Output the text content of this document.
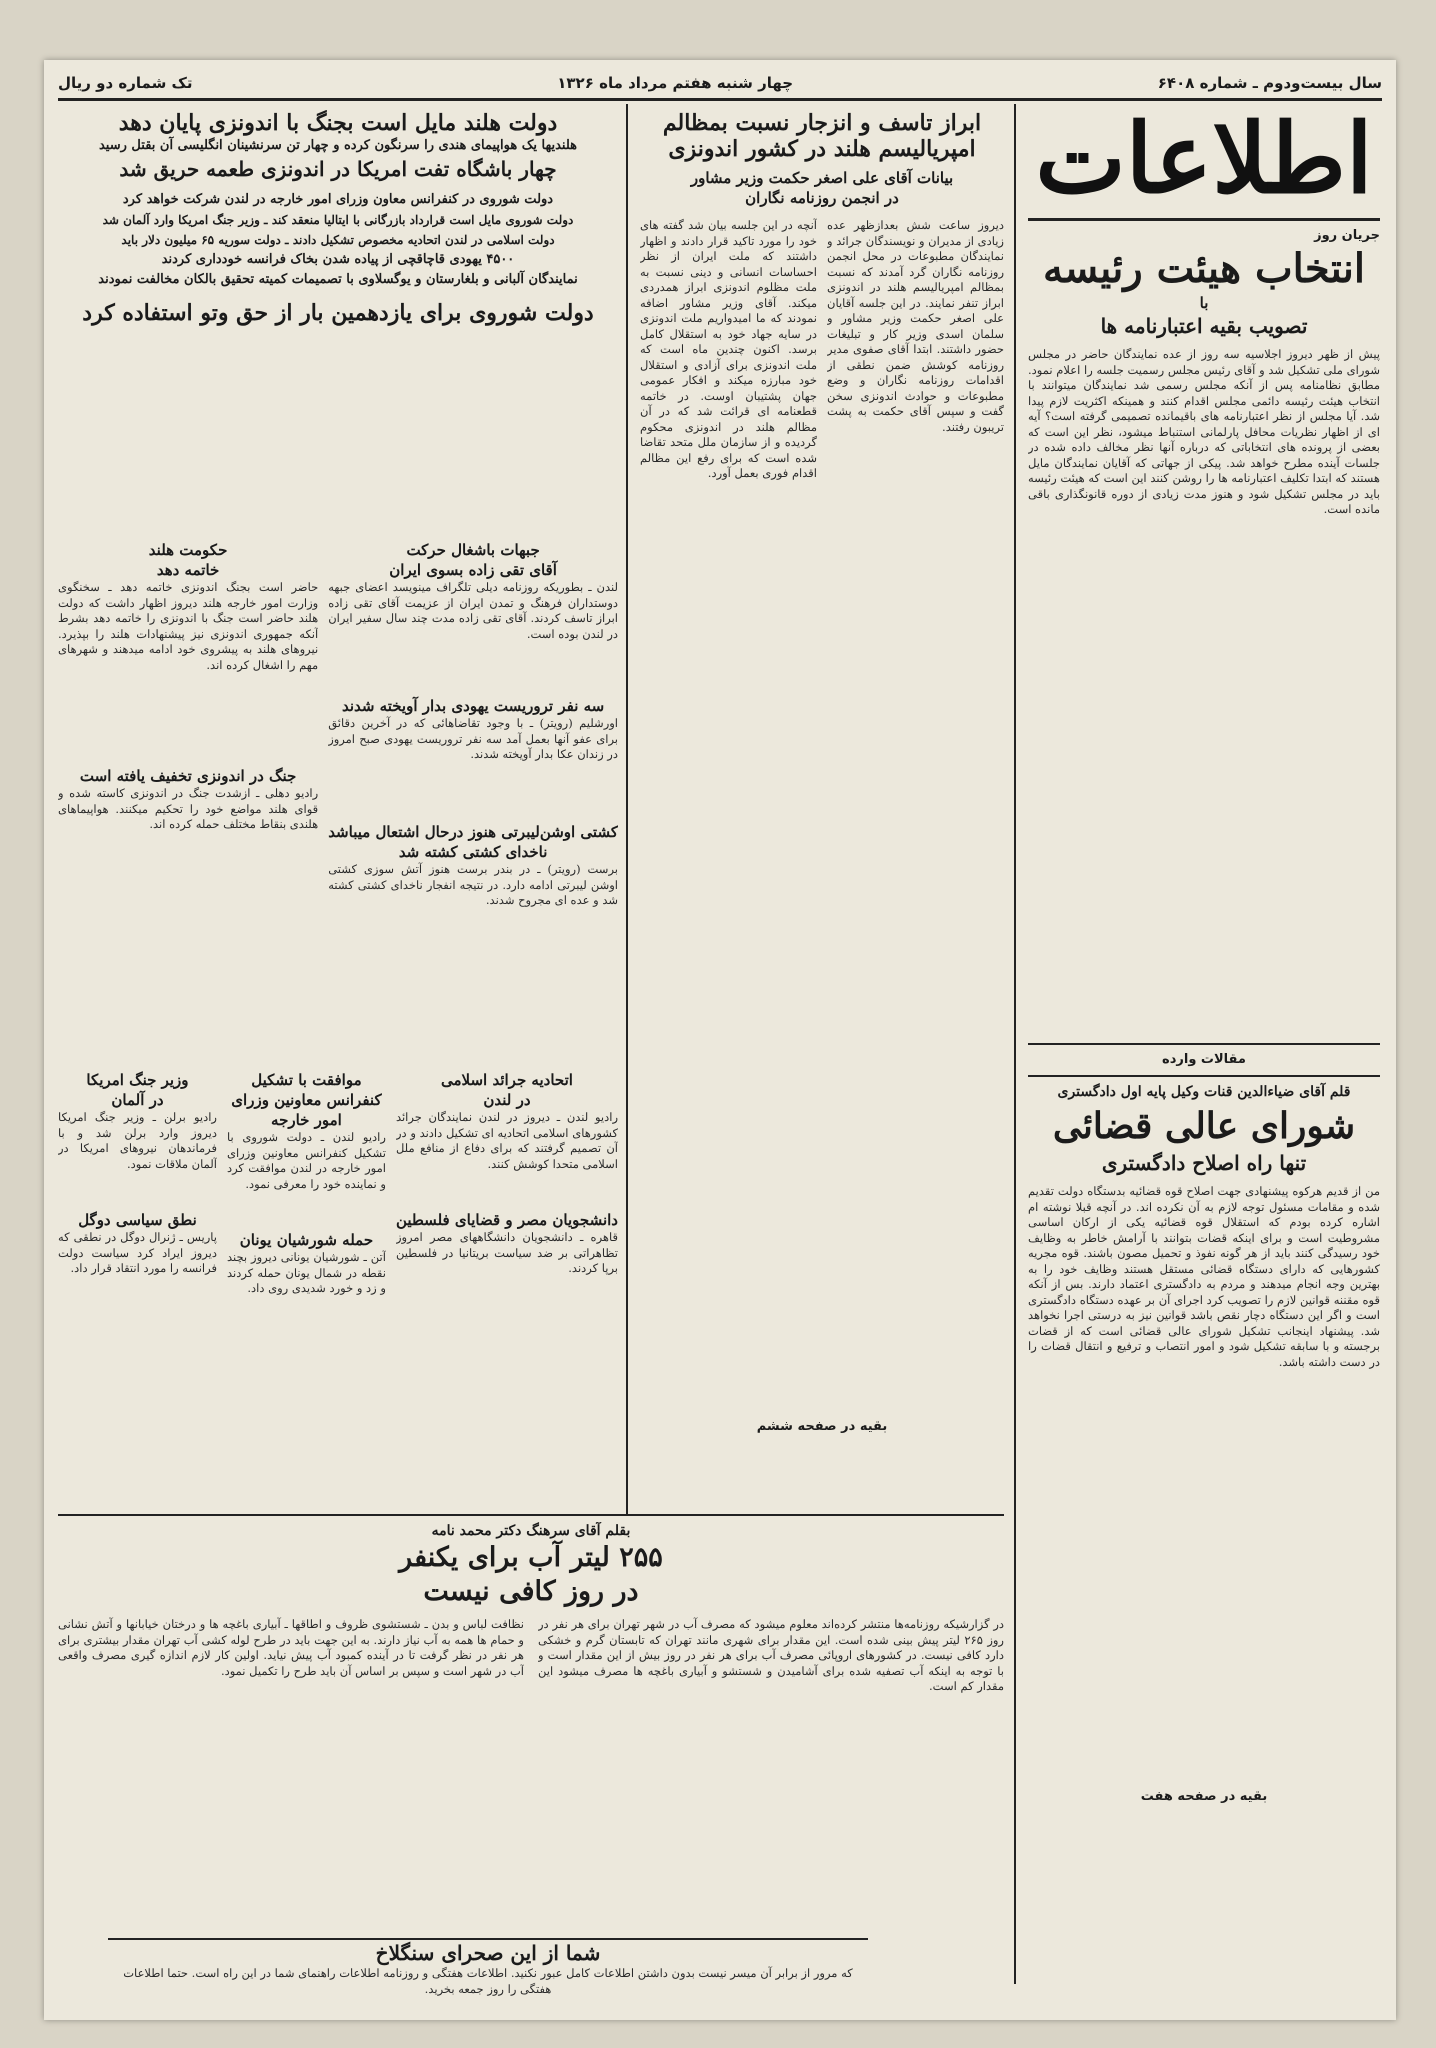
سال بیست‌ودوم ـ شماره ۶۴۰۸
چهار شنبه هفتم مرداد ماه ۱۳۲۶
تک شماره دو ریال
اطلاعات
جریان روز
انتخاب هیئت رئیسه
با
تصویب بقیه اعتبارنامه ها

پیش از ظهر دیروز اجلاسیه سه روز از عده نمایندگان حاضر در مجلس شورای ملی تشکیل شد و آقای رئیس مجلس رسمیت جلسه را اعلام نمود. مطابق نظامنامه پس از آنکه مجلس رسمی شد نمایندگان میتوانند با انتخاب هیئت رئیسه دائمی مجلس اقدام کنند و همینکه اکثریت لازم پیدا شد. آیا مجلس از نظر اعتبارنامه های باقیمانده تصمیمی گرفته است؟ آیه ای از اظهار نظریات محافل پارلمانی استنباط میشود، نظر این است که بعضی از پرونده های انتخاباتی که درباره آنها نظر مخالف داده شده در جلسات آینده مطرح خواهد شد. پیکی از جهاتی که آقایان نمایندگان مایل هستند که ابتدا تکلیف اعتبارنامه ها را روشن کنند این است که هیئت رئیسه باید در مجلس تشکیل شود و هنوز مدت زیادی از دوره قانونگذاری باقی مانده است.

مقالات وارده
قلم آقای ضیاءالدین قنات وکیل پایه اول دادگستری
شورای عالی قضائی
تنها راه اصلاح دادگستری

من از قدیم هرکوه پیشنهادی جهت اصلاح قوه قضائیه بدستگاه دولت تقدیم شده و مقامات مسئول توجه لازم به آن نکرده اند. در آنچه قبلا نوشته ام اشاره کرده بودم که استقلال قوه قضائیه یکی از ارکان اساسی مشروطیت است و برای اینکه قضات بتوانند با آرامش خاطر به وظایف خود رسیدگی کنند باید از هر گونه نفوذ و تحمیل مصون باشند. قوه مجریه کشورهایی که دارای دستگاه قضائی مستقل هستند وظایف خود را به بهترین وجه انجام میدهند و مردم به دادگستری اعتماد دارند. بس از آنکه قوه مقننه قوانین لازم را تصویب کرد اجرای آن بر عهده دستگاه دادگستری است و اگر این دستگاه دچار نقص باشد قوانین نیز به درستی اجرا نخواهد شد. پیشنهاد اینجانب تشکیل شورای عالی قضائی است که از قضات برجسته و با سابقه تشکیل شود و امور انتصاب و ترفیع و انتقال قضات را در دست داشته باشد.

بقیه در صفحه هفت
ابراز تاسف و انزجار نسبت بمظالم
امپریالیسم هلند در کشور اندونزی
بیانات آقای علی اصغر حکمت وزیر مشاور
در انجمن روزنامه نگاران

دیروز ساعت شش بعدازظهر عده زیادی از مدیران و نویسندگان جرائد و نمایندگان مطبوعات در محل انجمن روزنامه نگاران گرد آمدند که نسبت بمظالم امپریالیسم هلند در اندونزی ابراز تنفر نمایند. در این جلسه آقایان علی اصغر حکمت وزیر مشاور و سلمان اسدی وزیر کار و تبلیغات حضور داشتند. ابتدا آقای صفوی مدیر روزنامه کوشش ضمن نطقی از اقدامات روزنامه نگاران و وضع مطبوعات و حوادث اندونزی سخن گفت و سپس آقای حکمت به پشت تریبون رفتند.

آنچه در این جلسه بیان شد گفته های خود را مورد تاکید قرار دادند و اظهار داشتند که ملت ایران از نظر احساسات انسانی و دینی نسبت به ملت مظلوم اندونزی ابراز همدردی میکند. آقای وزیر مشاور اضافه نمودند که ما امیدواریم ملت اندونزی در سایه جهاد خود به استقلال کامل برسد. اکنون چندین ماه است که ملت اندونزی برای آزادی و استقلال خود مبارزه میکند و افکار عمومی جهان پشتیبان اوست. در خاتمه قطعنامه ای قرائت شد که در آن مظالم هلند در اندونزی محکوم گردیده و از سازمان ملل متحد تقاضا شده است که برای رفع این مظالم اقدام فوری بعمل آورد.

بقیه در صفحه ششم
دولت هلند مایل است بجنگ با اندونزی پایان دهد
هلندیها یک هواپیمای هندی را سرنگون کرده و چهار تن سرنشینان انگلیسی آن بقتل رسید
چهار باشگاه تفت امریکا در اندونزی طعمه حریق شد
دولت شوروی در کنفرانس معاون وزرای امور خارجه در لندن شرکت خواهد کرد
دولت شوروی مایل است قرارداد بازرگانی با ایتالیا منعقد کند ـ وزیر جنگ امریکا وارد آلمان شد
دولت اسلامی در لندن اتحادیه مخصوص تشکیل دادند ـ دولت سوریه ۶۵ میلیون دلار باید
۴۵۰۰ یهودی قاچاقچی از پیاده شدن بخاک فرانسه خودداری کردند
نمایندگان آلبانی و بلغارستان و یوگسلاوی با تصمیمات کمیته تحقیق بالکان مخالفت نمودند
دولت شوروی برای یازدهمین بار از حق وتو استفاده کرد
جبهات باشغال حرکت
آقای تقی زاده بسوی ایران

لندن ـ بطوریکه روزنامه دیلی تلگراف مینویسد اعضای جبهه دوستداران فرهنگ و تمدن ایران از عزیمت آقای تقی زاده ابراز تاسف کردند. آقای تقی زاده مدت چند سال سفیر ایران در لندن بوده است.

سه نفر تروریست یهودی بدار آویخته شدند

اورشلیم (رویتر) ـ با وجود تقاضاهائی که در آخرین دقائق برای عفو آنها بعمل آمد سه نفر تروریست یهودی صبح امروز در زندان عکا بدار آویخته شدند.

کشتی اوشن‌لیبرتی هنوز درحال اشتعال میباشد
ناخدای کشتی کشته شد

برست (رویتر) ـ در بندر برست هنوز آتش سوزی کشتی اوشن لیبرتی ادامه دارد. در نتیجه انفجار ناخدای کشتی کشته شد و عده ای مجروح شدند.

حکومت هلند
خاتمه دهد

حاضر است بجنگ اندونزی خاتمه دهد ـ سخنگوی وزارت امور خارجه هلند دیروز اظهار داشت که دولت هلند حاضر است جنگ با اندونزی را خاتمه دهد بشرط آنکه جمهوری اندونزی نیز پیشنهادات هلند را بپذیرد. نیروهای هلند به پیشروی خود ادامه میدهند و شهرهای مهم را اشغال کرده اند.

جنگ در اندونزی تخفیف یافته است

رادیو دهلی ـ ازشدت جنگ در اندونزی کاسته شده و قوای هلند مواضع خود را تحکیم میکنند. هواپیماهای هلندی بنقاط مختلف حمله کرده اند.

اتحادیه جرائد اسلامی
در لندن

رادیو لندن ـ دیروز در لندن نمایندگان جرائد کشورهای اسلامی اتحادیه ای تشکیل دادند و در آن تصمیم گرفتند که برای دفاع از منافع ملل اسلامی متحدا کوشش کنند.

دانشجویان مصر و قضایای فلسطین

قاهره ـ دانشجویان دانشگاههای مصر امروز تظاهراتی بر ضد سیاست بریتانیا در فلسطین برپا کردند.

موافقت با تشکیل کنفرانس معاونین وزرای امور خارجه

رادیو لندن ـ دولت شوروی با تشکیل کنفرانس معاونین وزرای امور خارجه در لندن موافقت کرد و نماینده خود را معرفی نمود.

حمله شورشیان یونان

آتن ـ شورشیان یونانی دیروز بچند نقطه در شمال یونان حمله کردند و زد و خورد شدیدی روی داد.

وزیر جنگ امریکا
در آلمان

رادیو برلن ـ وزیر جنگ امریکا دیروز وارد برلن شد و با فرماندهان نیروهای امریکا در آلمان ملاقات نمود.

نطق سیاسی دوگل

پاریس ـ ژنرال دوگل در نطقی که دیروز ایراد کرد سیاست دولت فرانسه را مورد انتقاد قرار داد.

بقلم آقای سرهنگ دکتر محمد نامه
۲۵۵ لیتر آب برای یکنفر
در روز کافی نیست

در گزارشیکه روزنامه‌ها منتشر کرده‌اند معلوم میشود که مصرف آب در شهر تهران برای هر نفر در روز ۲۶۵ لیتر پیش بینی شده است. این مقدار برای شهری مانند تهران که تابستان گرم و خشکی دارد کافی نیست. در کشورهای اروپائی مصرف آب برای هر نفر در روز بیش از این مقدار است و با توجه به اینکه آب تصفیه شده برای آشامیدن و شستشو و آبیاری باغچه ها مصرف میشود این مقدار کم است.

نظافت لباس و بدن ـ شستشوی ظروف و اطاقها ـ آبیاری باغچه ها و درختان خیابانها و آتش نشانی و حمام ها همه به آب نیاز دارند. به این جهت باید در طرح لوله کشی آب تهران مقدار بیشتری برای هر نفر در نظر گرفت تا در آینده کمبود آب پیش نیاید. اولین کار لازم اندازه گیری مصرف واقعی آب در شهر است و سپس بر اساس آن باید طرح را تکمیل نمود.

شما از این صحرای سنگلاخ

که مرور از برابر آن میسر نیست بدون داشتن اطلاعات کامل عبور نکنید. اطلاعات هفتگی و روزنامه اطلاعات راهنمای شما در این راه است. حتما اطلاعات هفتگی را روز جمعه بخرید.
